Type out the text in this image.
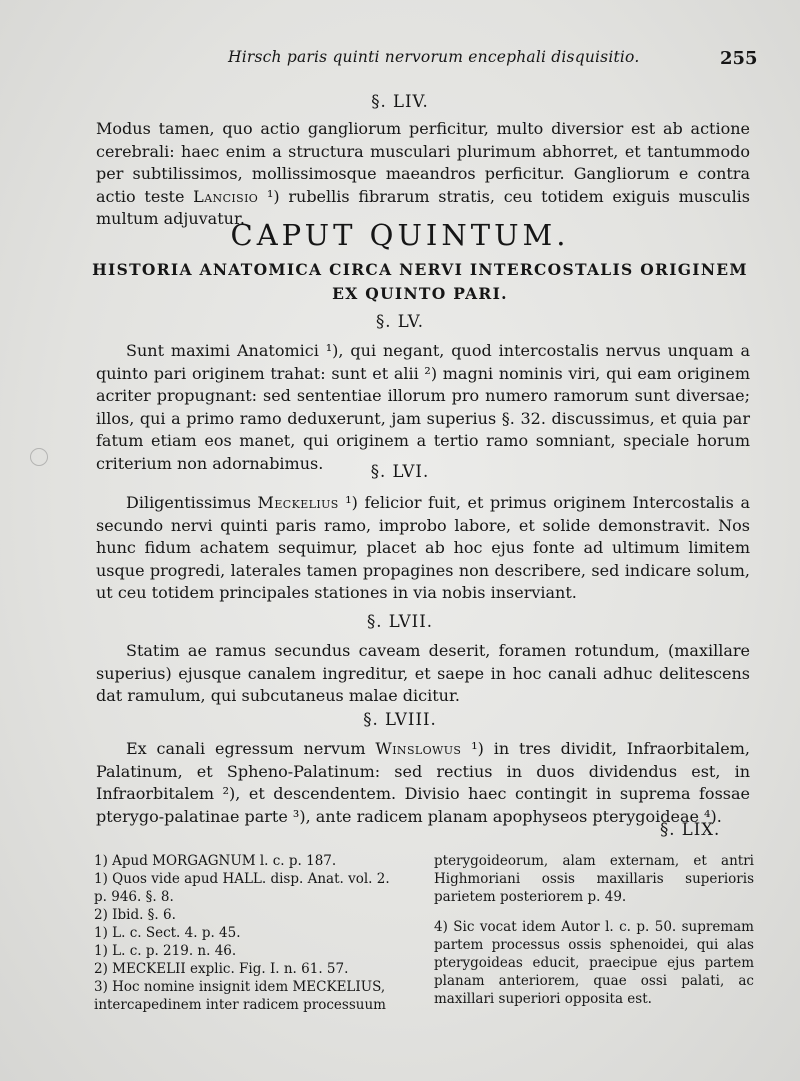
Hirsch paris quinti nervorum encephali disquisitio.	255
§. LIV.
Modus tamen, quo actio gangliorum perficitur, multo diversior est ab actione cerebrali: haec enim a structura musculari plurimum abhorret, et tantummodo per subtilissimos, mollissimosque maeandros perficitur. Gangliorum e contra actio teste Lancisio ¹) rubellis fibrarum stratis, ceu totidem exiguis musculis multum adjuvatur.
CAPUT QUINTUM.
HISTORIA ANATOMICA CIRCA NERVI INTERCOSTALIS ORIGINEM EX QUINTO PARI.
§. LV.
Sunt maximi Anatomici ¹), qui negant, quod intercostalis nervus unquam a quinto pari originem trahat: sunt et alii ²) magni nominis viri, qui eam originem acriter propugnant: sed sententiae illorum pro numero ramorum sunt diversae; illos, qui a primo ramo deduxerunt, jam superius §. 32. discussimus, et quia par fatum etiam eos manet, qui originem a tertio ramo somniant, speciale horum criterium non adornabimus.	§. LVI.
Diligentissimus Meckelius ¹) felicior fuit, et primus originem Intercostalis a secundo nervi quinti paris ramo, improbo labore, et solide demonstravit. Nos hunc fidum achatem sequimur, placet ab hoc ejus fonte ad ultimum limitem usque progredi, laterales tamen propagines non describere, sed indicare solum, ut ceu totidem principales stationes in via nobis inserviant.
§. LVII.
Statim ae ramus secundus caveam deserit, foramen rotundum, (maxillare superius) ejusque canalem ingreditur, et saepe in hoc canali adhuc delitescens dat ramulum, qui subcutaneus malae dicitur.
§. LVIII.
Ex canali egressum nervum Winslowus ¹) in tres dividit, Infraorbitalem, Palatinum, et Spheno-Palatinum: sed rectius in duos dividendus est, in Infraorbitalem ²), et descendentem. Divisio haec contingit in suprema fossae pterygo-palatinae parte ³), ante radicem planam apophyseos pterygoideae ⁴).
§. LIX.
1) Apud MORGAGNUM l. c. p. 187.
1) Quos vide apud HALL. disp. Anat. vol. 2.
p. 946. §. 8.
2) Ibid. §. 6.
1) L. c. Sect. 4. p. 45.
1) L. c. p. 219. n. 46.
2) MECKELII explic. Fig. I. n. 61. 57.
3) Hoc nomine insignit idem MECKELIUS, intercapedinem inter radicem processuum
pterygoideorum, alam externam, et antri Highmoriani ossis maxillaris superioris parietem posteriorem p. 49.
4) Sic vocat idem Autor l. c. p. 50. supremam partem processus ossis sphenoidei, qui alas pterygoideas educit, praecipue ejus partem planam anteriorem, quae ossi palati, ac maxillari superiori opposita est.
